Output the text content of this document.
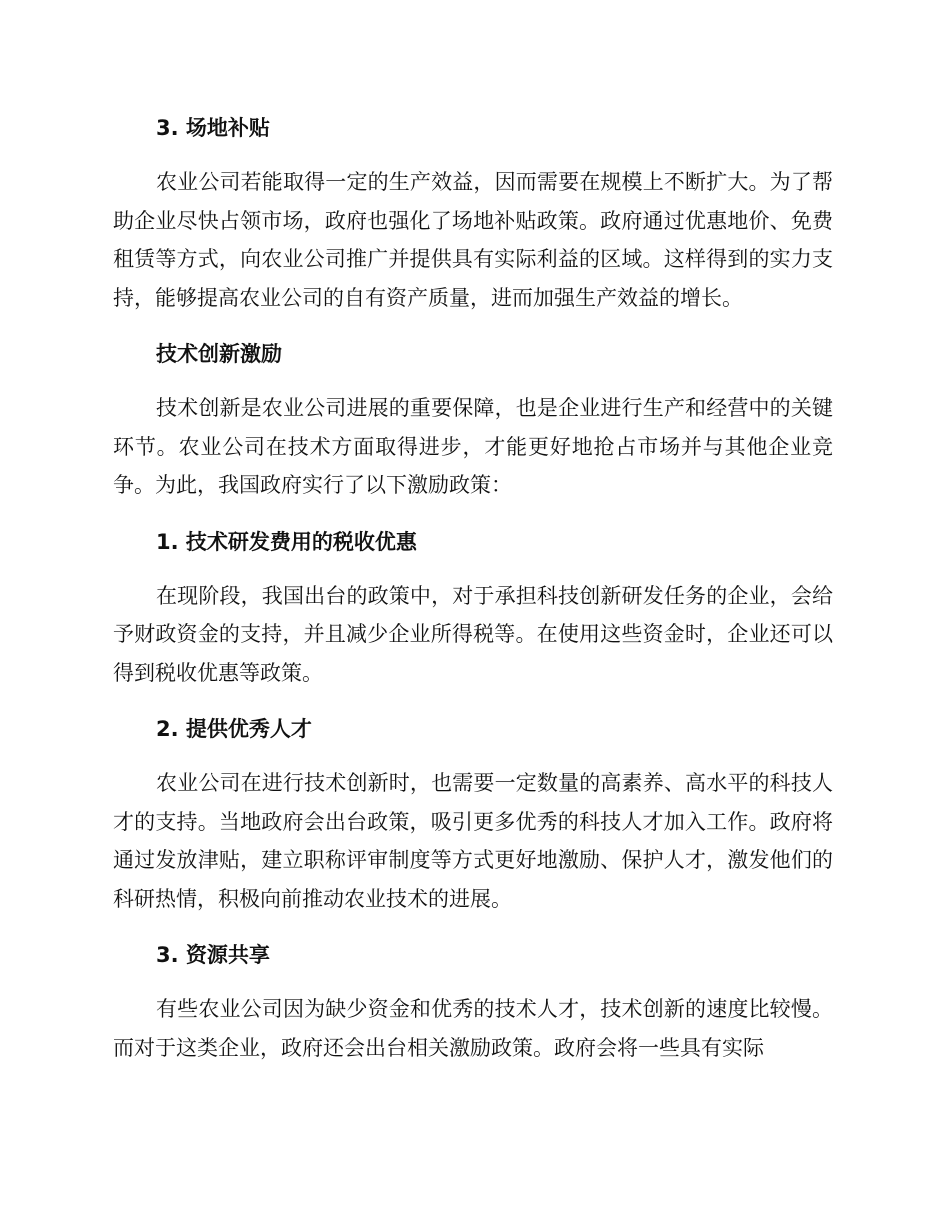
3. 场地补贴
农业公司若能取得一定的生产效益，因而需要在规模上不断扩大。为了帮助企业尽快占领市场，政府也强化了场地补贴政策。政府通过优惠地价、免费租赁等方式，向农业公司推广并提供具有实际利益的区域。这样得到的实力支持，能够提高农业公司的自有资产质量，进而加强生产效益的增长。
技术创新激励
技术创新是农业公司进展的重要保障，也是企业进行生产和经营中的关键环节。农业公司在技术方面取得进步，才能更好地抢占市场并与其他企业竞争。为此，我国政府实行了以下激励政策：
1. 技术研发费用的税收优惠
在现阶段，我国出台的政策中，对于承担科技创新研发任务的企业，会给予财政资金的支持，并且减少企业所得税等。在使用这些资金时，企业还可以得到税收优惠等政策。
2. 提供优秀人才
农业公司在进行技术创新时，也需要一定数量的高素养、高水平的科技人才的支持。当地政府会出台政策，吸引更多优秀的科技人才加入工作。政府将通过发放津贴，建立职称评审制度等方式更好地激励、保护人才，激发他们的科研热情，积极向前推动农业技术的进展。
3. 资源共享
有些农业公司因为缺少资金和优秀的技术人才，技术创新的速度比较慢。而对于这类企业，政府还会出台相关激励政策。政府会将一些具有实际
